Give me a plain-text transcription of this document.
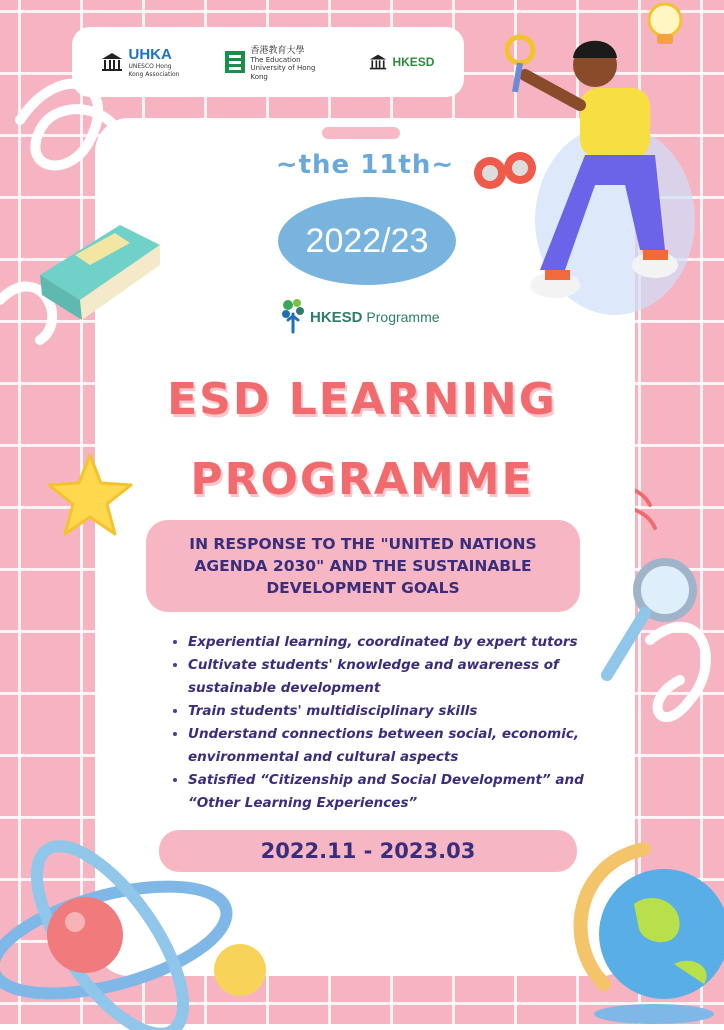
UHKA
UNESCO Hong Kong Association
香港教育大學
The Education University of Hong Kong
HKESD
~the 11th~
2022/23
HKESD Programme
ESD LEARNING
PROGRAMME
IN RESPONSE TO THE "UNITED NATIONS AGENDA 2030" AND THE SUSTAINABLE DEVELOPMENT GOALS
• Experiential learning, coordinated by expert tutors
• Cultivate students' knowledge and awareness of sustainable development
• Train students' multidisciplinary skills
• Understand connections between social, economic, environmental and cultural aspects
• Satisfied “Citizenship and Social Development” and “Other Learning Experiences”
2022.11 - 2023.03
